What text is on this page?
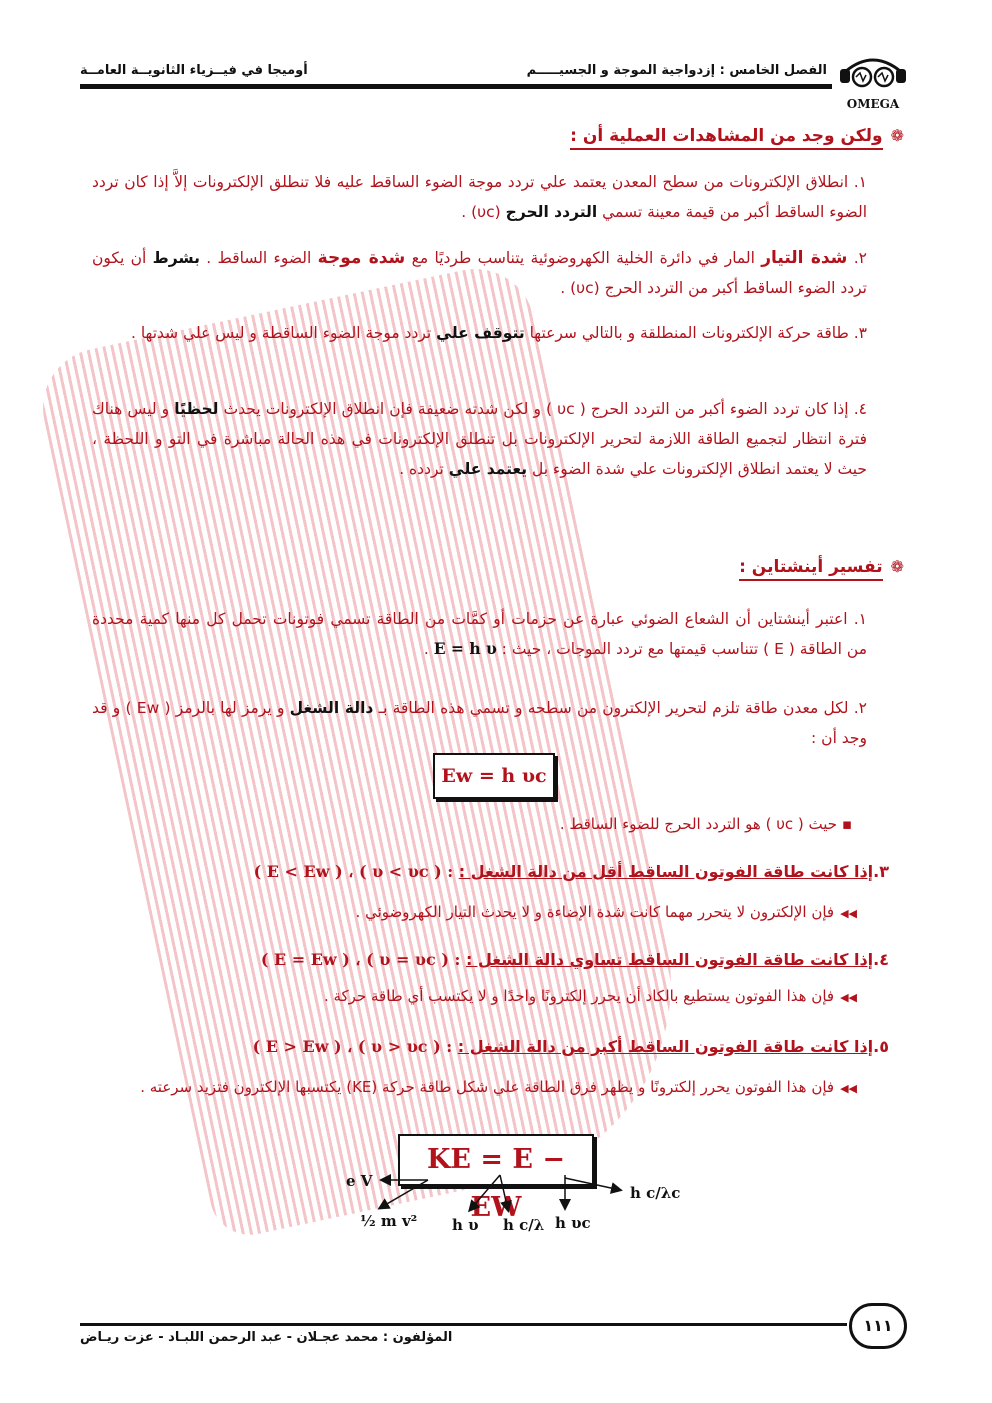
OMEGA
الفصل الخامس : إزدواجية الموجة و الجسيـــــم
أوميجا في فيــزياء الثانويــة العامــة
❁ولكن وجد من المشاهدات العملية أن :
١. انطلاق الإلكترونات من سطح المعدن يعتمد علي تردد موجة الضوء الساقط عليه فلا تنطلق الإلكترونات إلاَّ إذا كان تردد الضوء الساقط أكبر من قيمة معينة تسمي التردد الحرج (υc) .
٢. شدة التيار المار في دائرة الخلية الكهروضوئية يتناسب طرديًا مع شدة موجة الضوء الساقط . بشرط أن يكون تردد الضوء الساقط أكبر من التردد الحرج (υc) .
٣. طاقة حركة الإلكترونات المنطلقة و بالتالي سرعتها تتوقف علي تردد موجة الضوء الساقطة و ليس علي شدتها .
٤. إذا كان تردد الضوء أكبر من التردد الحرج ( υc ) و لكن شدته ضعيفة فإن انطلاق الإلكترونات يحدث لحظيًا و ليس هناك فترة انتظار لتجميع الطاقة اللازمة لتحرير الإلكترونات بل تنطلق الإلكترونات في هذه الحالة مباشرة في التو و اللحظة ، حيث لا يعتمد انطلاق الإلكترونات علي شدة الضوء بل يعتمد علي تردده .
❁تفسير أينشتاين :
١. اعتبر أينشتاين أن الشعاع الضوئي عبارة عن حزمات أو كمَّات من الطاقة تسمي فوتونات تحمل كل منها كمية محددة من الطاقة ( E ) تتناسب قيمتها مع تردد الموجات ، حيث : E = h υ .
٢. لكل معدن طاقة تلزم لتحرير الإلكترون من سطحه و تسمي هذه الطاقة بـ دالة الشغل و يرمز لها بالرمز ( Ew ) و قد وجد أن :
Ew = h υc
▪ حيث ( υc ) هو التردد الحرج للضوء الساقط .
٣.إذا كانت طاقة الفوتون الساقط أقل من دالة الشغل : ( E < Ew ) ، ( υ < υc ) :
◀◀فإن الإلكترون لا يتحرر مهما كانت شدة الإضاءة و لا يحدث التيار الكهروضوئي .
٤.إذا كانت طاقة الفوتون الساقط تساوي دالة الشغل : ( E = Ew ) ، ( υ = υc ) :
◀◀فإن هذا الفوتون يستطيع بالكاد أن يحرر إلكترونًا واحدًا و لا يكتسب أي طاقة حركة .
٥.إذا كانت طاقة الفوتون الساقط أكبر من دالة الشغل : ( E > Ew ) ، ( υ > υc ) :
◀◀فإن هذا الفوتون يحرر إلكترونًا و يظهر فرق الطاقة علي شكل طاقة حركة (KE) يكتسبها الإلكترون فتزيد سرعته .
KE = E − EW
e V
½ m v² h υ h c/λ h υc
h c/λc
المؤلفون : محمد عجـلان - عبد الرحمن اللبـاد - عزت ريـاض
١١١
